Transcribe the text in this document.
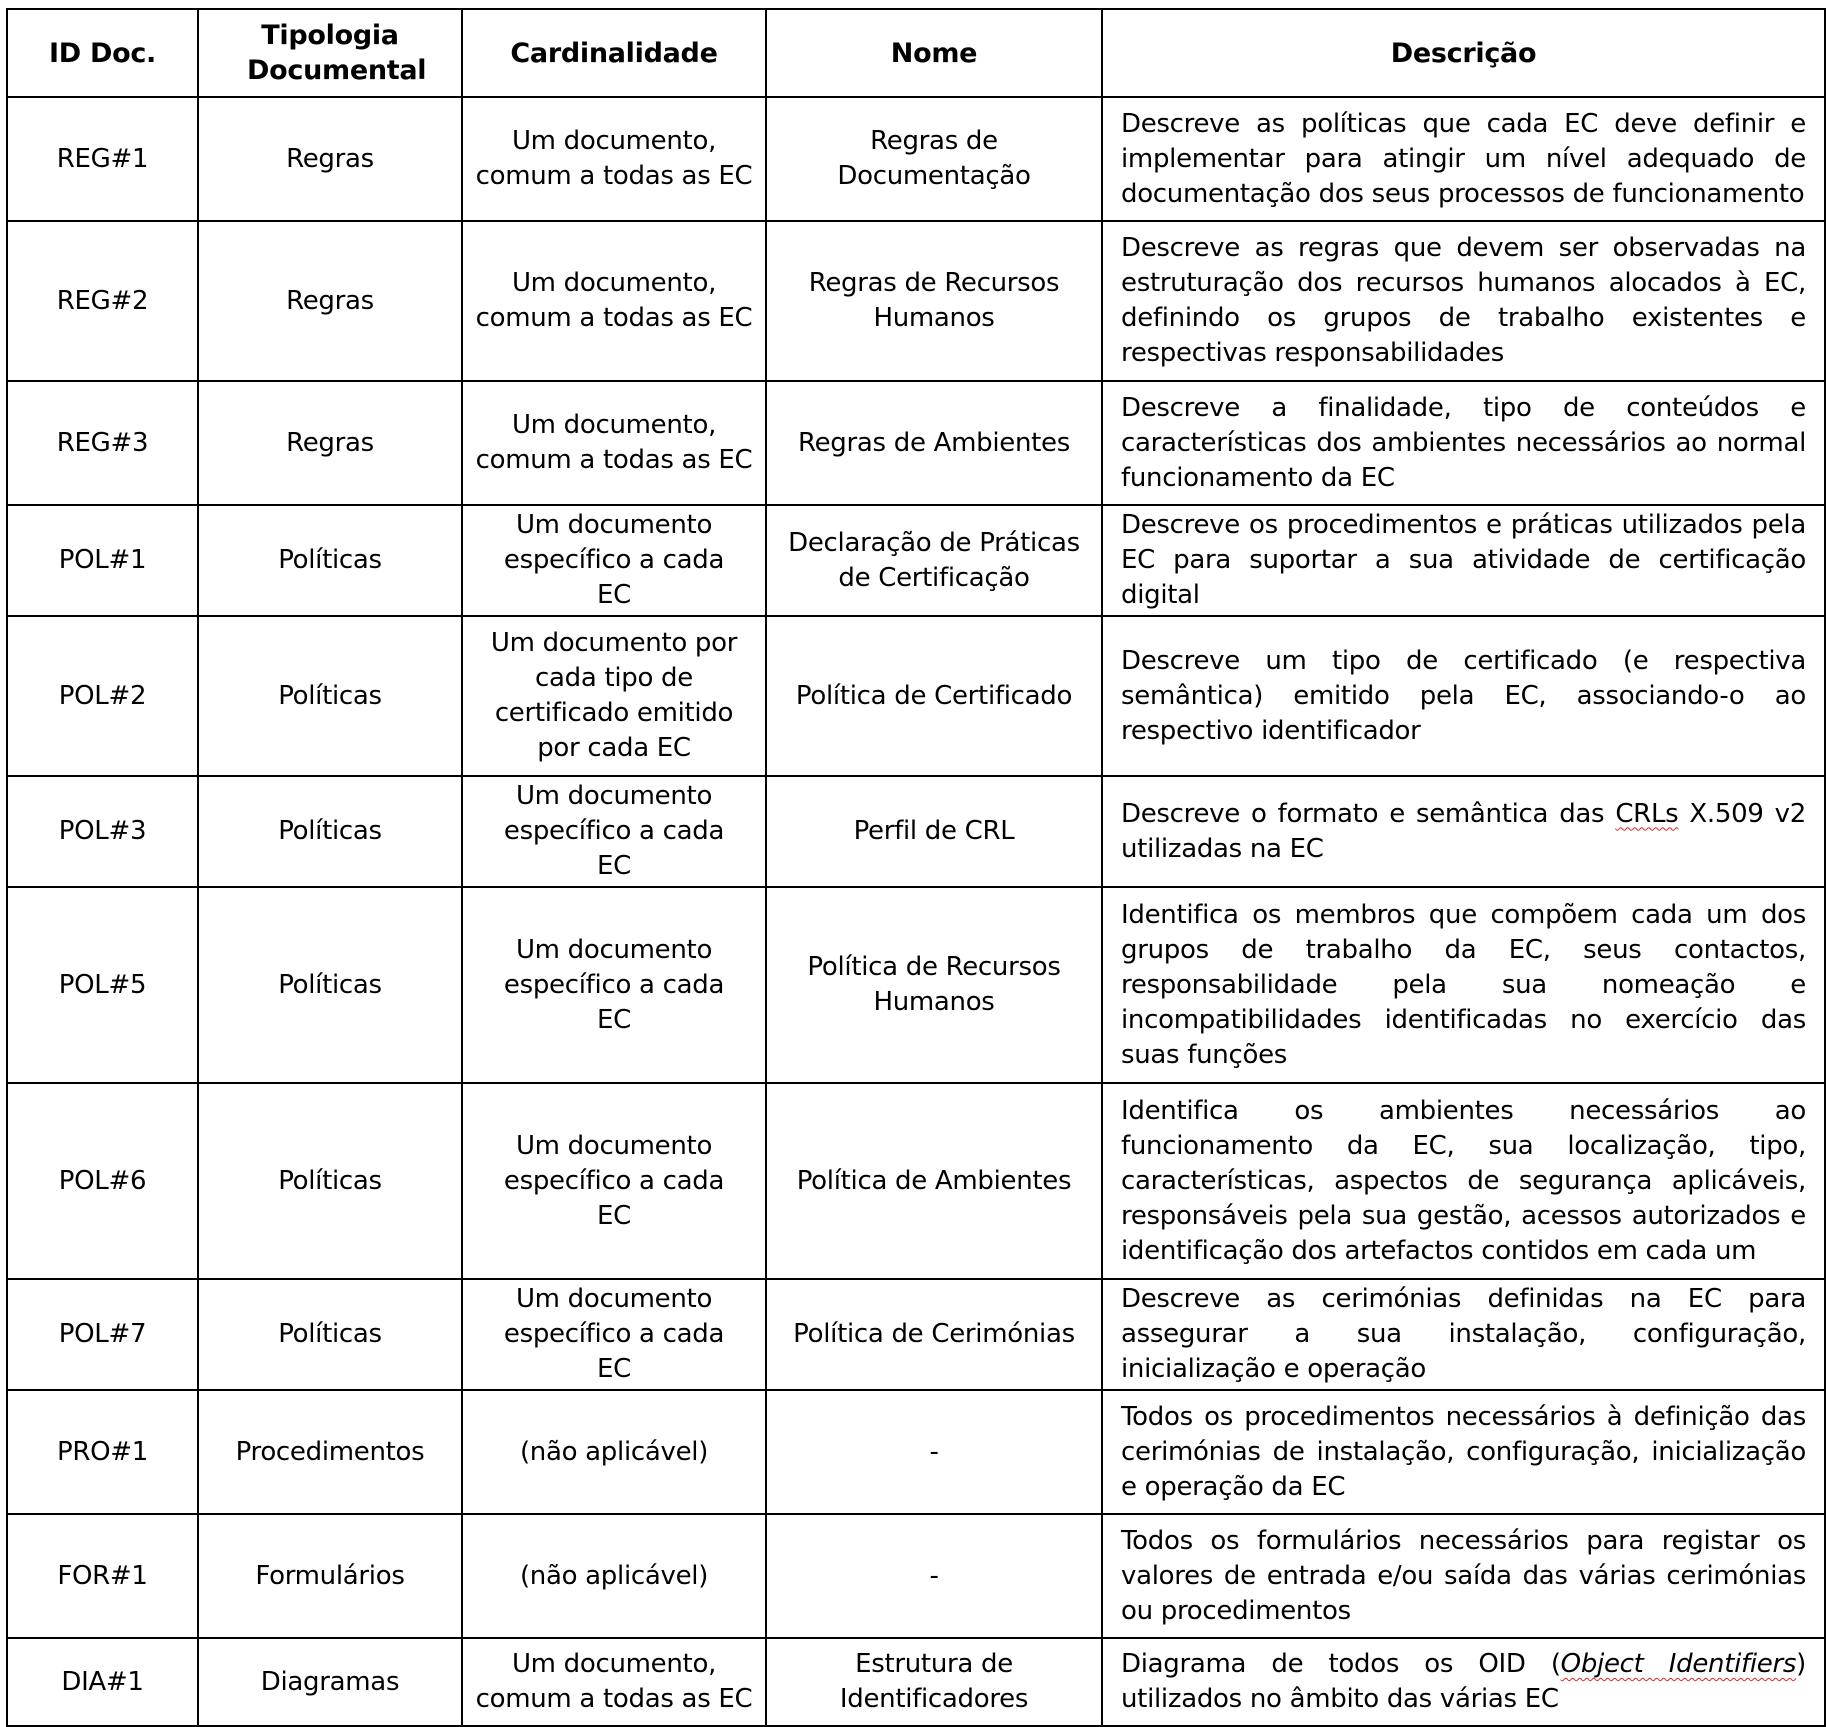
ID Doc.	Tipologia Documental	Cardinalidade	Nome	Descrição
REG#1	Regras	Um documento, comum a todas as EC	Regras de Documentação	Descreve as políticas que cada EC deve definir e implementar para atingir um nível adequado de documentação dos seus processos de funcionamento
REG#2	Regras	Um documento, comum a todas as EC	Regras de Recursos Humanos	Descreve as regras que devem ser observadas na estruturação dos recursos humanos alocados à EC, definindo os grupos de trabalho existentes e respectivas responsabilidades
REG#3	Regras	Um documento, comum a todas as EC	Regras de Ambientes	Descreve a finalidade, tipo de conteúdos e características dos ambientes necessários ao normal funcionamento da EC
POL#1	Políticas	Um documento específico a cada EC	Declaração de Práticas de Certificação	Descreve os procedimentos e práticas utilizados pela EC para suportar a sua atividade de certificação digital
POL#2	Políticas	Um documento por cada tipo de certificado emitido por cada EC	Política de Certificado	Descreve um tipo de certificado (e respectiva semântica) emitido pela EC, associando-o ao respectivo identificador
POL#3	Políticas	Um documento específico a cada EC	Perfil de CRL	Descreve o formato e semântica das CRLs X.509 v2 utilizadas na EC
POL#5	Políticas	Um documento específico a cada EC	Política de Recursos Humanos	Identifica os membros que compõem cada um dos grupos de trabalho da EC, seus contactos, responsabilidade pela sua nomeação e incompatibilidades identificadas no exercício das suas funções
POL#6	Políticas	Um documento específico a cada EC	Política de Ambientes	Identifica os ambientes necessários ao funcionamento da EC, sua localização, tipo, características, aspectos de segurança aplicáveis, responsáveis pela sua gestão, acessos autorizados e identificação dos artefactos contidos em cada um
POL#7	Políticas	Um documento específico a cada EC	Política de Cerimónias	Descreve as cerimónias definidas na EC para assegurar a sua instalação, configuração, inicialização e operação
PRO#1	Procedimentos	(não aplicável)	-	Todos os procedimentos necessários à definição das cerimónias de instalação, configuração, inicialização e operação da EC
FOR#1	Formulários	(não aplicável)	-	Todos os formulários necessários para registar os valores de entrada e/ou saída das várias cerimónias ou procedimentos
DIA#1	Diagramas	Um documento, comum a todas as EC	Estrutura de Identificadores	Diagrama de todos os OID (Object Identifiers) utilizados no âmbito das várias EC
